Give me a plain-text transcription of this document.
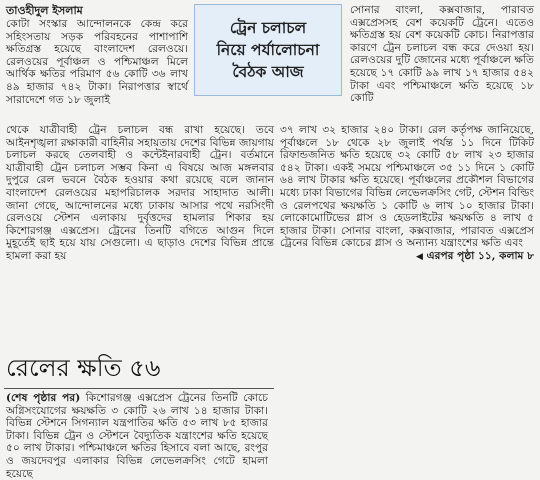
তাওহীদুল ইসলাম

কোটা সংস্কার আন্দোলনকে কেন্দ্র করে সহিংসতায় সড়ক পরিবহনের পাশাপাশি ক্ষতিগ্রস্ত হয়েছে বাংলাদেশ রেলওয়ে। রেলওয়ের পূর্বাঞ্চল ও পশ্চিমাঞ্চল মিলে আর্থিক ক্ষতির পরিমাণ ৫৬ কোটি ৩৬ লাখ ৪৯ হাজার ৭৪২ টাকা। নিরাপত্তার স্বার্থে সারাদেশে গত ১৮ জুলাই

ট্রেন চলাচল
নিয়ে পর্যালোচনা
বৈঠক আজ

সোনার বাংলা, কক্সবাজার, পারাবত এক্সপ্রেসসহ বেশ কয়েকটি ট্রেনে। এতেও ক্ষতিগ্রস্ত হয় বেশ কয়েকটি কোচ। নিরাপত্তার কারণে ট্রেন চলাচল বন্ধ করে দেওয়া হয়। রেলওয়ের দুটি জোনের মধ্যে পূর্বাঞ্চলে ক্ষতি হয়েছে ১৭ কোটি ৯৯ লাখ ১৭ হাজার ৫৪২ টাকা এবং পশ্চিমাঞ্চলে ক্ষতি হয়েছে ১৮ কোটি

থেকে যাত্রীবাহী ট্রেন চলাচল বন্ধ রাখা হয়েছে। তবে আইনশৃঙ্খলা রক্ষাকারী বাহিনীর সহায়তায় দেশের বিভিন্ন জায়গায় চলাচল করছে তেলবাহী ও কন্টেইনারবাহী ট্রেন। বর্তমানে যাত্রীবাহী ট্রেন চলাচল সম্ভব কিনা এ বিষয়ে আজ মঙ্গলবার দুপুরে রেল ভবনে বৈঠক হওয়ার কথা রয়েছে বলে জানান বাংলাদেশ রেলওয়ের মহাপরিচালক সরদার সাহাদাত আলী। জানা গেছে, আন্দোলনের মধ্যে ঢাকায় আসার পথে নরসিংদী রেলওয়ে স্টেশন এলাকায় দুর্বৃত্তদের হামলার শিকার হয় কিশোরগঞ্জ এক্সপ্রেস। ট্রেনের তিনটি বগিতে আগুন দিলে মুহূর্তেই ছাই হয়ে যায় সেগুলো। এ ছাড়াও দেশের বিভিন্ন প্রান্তে হামলা করা হয়

৩৭ লাখ ৩২ হাজার ২৪০ টাকা। রেল কর্তৃপক্ষ জানিয়েছে, পূর্বাঞ্চলে ১৮ থেকে ২৮ জুলাই পর্যন্ত ১১ দিনে টিকিট রিফান্ডজনিত ক্ষতি হয়েছে ৩২ কোটি ৫৮ লাখ ২৩ হাজার ৫৪২ টাকা। একই সময়ে পশ্চিমাঞ্চলে ৩৫ ১১ দিনে ১ কোটি ৬৪ লাখ টাকার ক্ষতি হয়েছে। পূর্বাঞ্চলের প্রকৌশল বিভাগের মধ্যে ঢাকা বিভাগের বিভিন্ন লেভেলক্রসিং গেট, স্টেশন বিল্ডিং ও রেলপথের ক্ষয়ক্ষতি ১ কোটি ৬ লাখ ১০ হাজার টাকা। লোকোমোটিভের গ্লাস ও হেডলাইটের ক্ষয়ক্ষতি ৪ লাখ ৫ হাজার টাকা। সোনার বাংলা, কক্সবাজার, পারাবত এক্সপ্রেস ট্রেনের বিভিন্ন কোচের গ্লাস ও অন্যান্য যন্ত্রাংশের ক্ষতি এবং

◀ এরপর পৃষ্ঠা ১১, কলাম ৮
রেলের ক্ষতি ৫৬

(শেষ পৃষ্ঠার পর) কিশোরগঞ্জ এক্সপ্রেস ট্রেনের তিনটি কোচে অগ্নিসংযোগের ক্ষয়ক্ষতি ৩ কোটি ২৬ লাখ ১৪ হাজার টাকা। বিভিন্ন স্টেশনে সিগন্যাল যন্ত্রপাতির ক্ষতি ৫৩ লাখ ৮৫ হাজার টাকা। বিভিন্ন ট্রেন ও স্টেশনে বৈদ্যুতিক যন্ত্রাংশের ক্ষতি হয়েছে ৫০ লাখ টাকার। পশ্চিমাঞ্চলে ক্ষতির হিসাবে বলা আছে, রংপুর ও জয়দেবপুর এলাকার বিভিন্ন লেভেলক্রসিং গেটে হামলা হয়েছে
